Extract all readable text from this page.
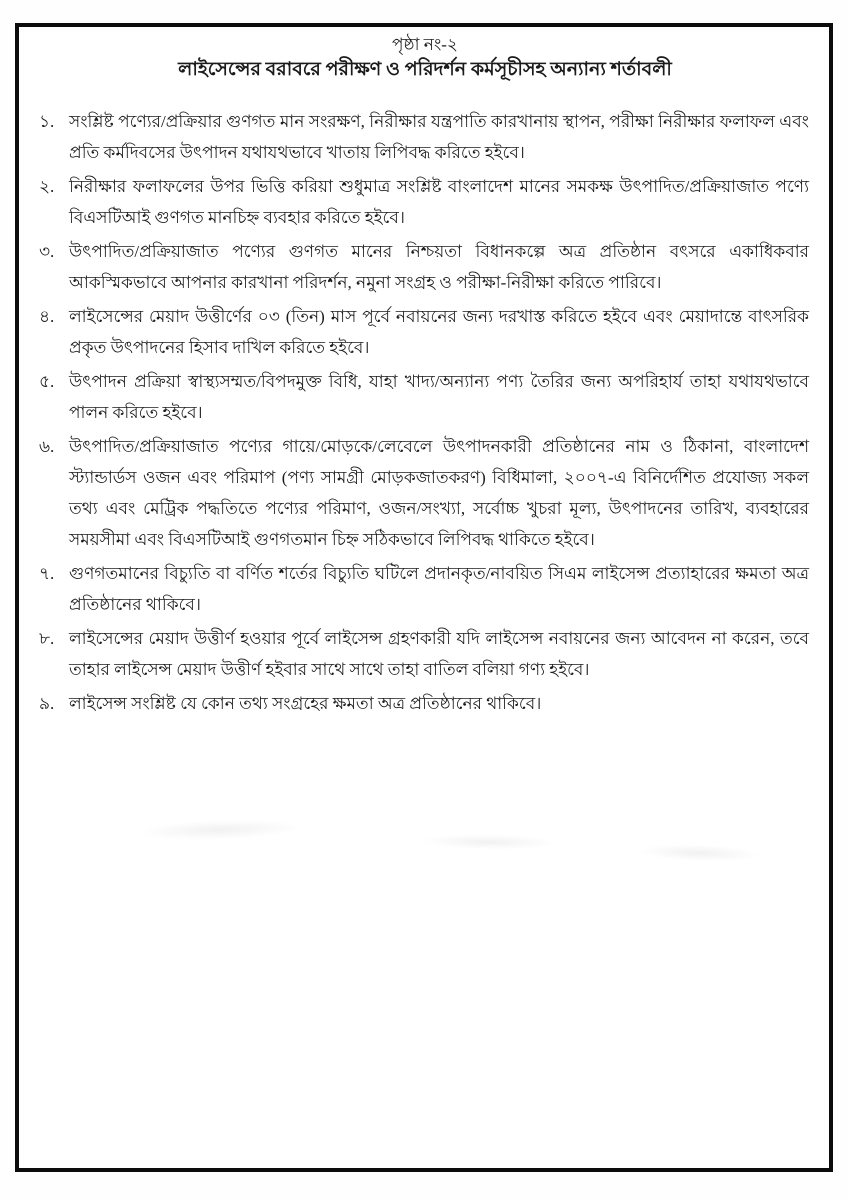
পৃষ্ঠা নং-২
লাইসেন্সের বরাবরে পরীক্ষণ ও পরিদর্শন কর্মসূচীসহ অন্যান্য শর্তাবলী
১. সংশ্লিষ্ট পণ্যের/প্রক্রিয়ার গুণগত মান সংরক্ষণ, নিরীক্ষার যন্ত্রপাতি কারখানায় স্থাপন, পরীক্ষা নিরীক্ষার ফলাফল এবং প্রতি কর্মদিবসের উৎপাদন যথাযথভাবে খাতায় লিপিবদ্ধ করিতে হইবে।
২. নিরীক্ষার ফলাফলের উপর ভিত্তি করিয়া শুধুমাত্র সংশ্লিষ্ট বাংলাদেশ মানের সমকক্ষ উৎপাদিত/প্রক্রিয়াজাত পণ্যে বিএসটিআই গুণগত মানচিহ্ন ব্যবহার করিতে হইবে।
৩. উৎপাদিত/প্রক্রিয়াজাত পণ্যের গুণগত মানের নিশ্চয়তা বিধানকল্পে অত্র প্রতিষ্ঠান বৎসরে একাধিকবার আকস্মিকভাবে আপনার কারখানা পরিদর্শন, নমুনা সংগ্রহ ও পরীক্ষা-নিরীক্ষা করিতে পারিবে।
৪. লাইসেন্সের মেয়াদ উত্তীর্ণের ০৩ (তিন) মাস পূর্বে নবায়নের জন্য দরখাস্ত করিতে হইবে এবং মেয়াদান্তে বাৎসরিক প্রকৃত উৎপাদনের হিসাব দাখিল করিতে হইবে।
৫. উৎপাদন প্রক্রিয়া স্বাস্থ্যসম্মত/বিপদমুক্ত বিধি, যাহা খাদ্য/অন্যান্য পণ্য তৈরির জন্য অপরিহার্য তাহা যথাযথভাবে পালন করিতে হইবে।
৬. উৎপাদিত/প্রক্রিয়াজাত পণ্যের গায়ে/মোড়কে/লেবেলে উৎপাদনকারী প্রতিষ্ঠানের নাম ও ঠিকানা, বাংলাদেশ স্ট্যান্ডার্ডস ওজন এবং পরিমাপ (পণ্য সামগ্রী মোড়কজাতকরণ) বিধিমালা, ২০০৭-এ বিনির্দেশিত প্রযোজ্য সকল তথ্য এবং মেট্রিক পদ্ধতিতে পণ্যের পরিমাণ, ওজন/সংখ্যা, সর্বোচ্চ খুচরা মূল্য, উৎপাদনের তারিখ, ব্যবহারের সময়সীমা এবং বিএসটিআই গুণগতমান চিহ্ন সঠিকভাবে লিপিবদ্ধ থাকিতে হইবে।
৭. গুণগতমানের বিচ্যুতি বা বর্ণিত শর্তের বিচ্যুতি ঘটিলে প্রদানকৃত/নাবয়িত সিএম লাইসেন্স প্রত্যাহারের ক্ষমতা অত্র প্রতিষ্ঠানের থাকিবে।
৮. লাইসেন্সের মেয়াদ উত্তীর্ণ হওয়ার পূর্বে লাইসেন্স গ্রহণকারী যদি লাইসেন্স নবায়নের জন্য আবেদন না করেন, তবে তাহার লাইসেন্স মেয়াদ উত্তীর্ণ হইবার সাথে সাথে তাহা বাতিল বলিয়া গণ্য হইবে।
৯. লাইসেন্স সংশ্লিষ্ট যে কোন তথ্য সংগ্রহের ক্ষমতা অত্র প্রতিষ্ঠানের থাকিবে।
